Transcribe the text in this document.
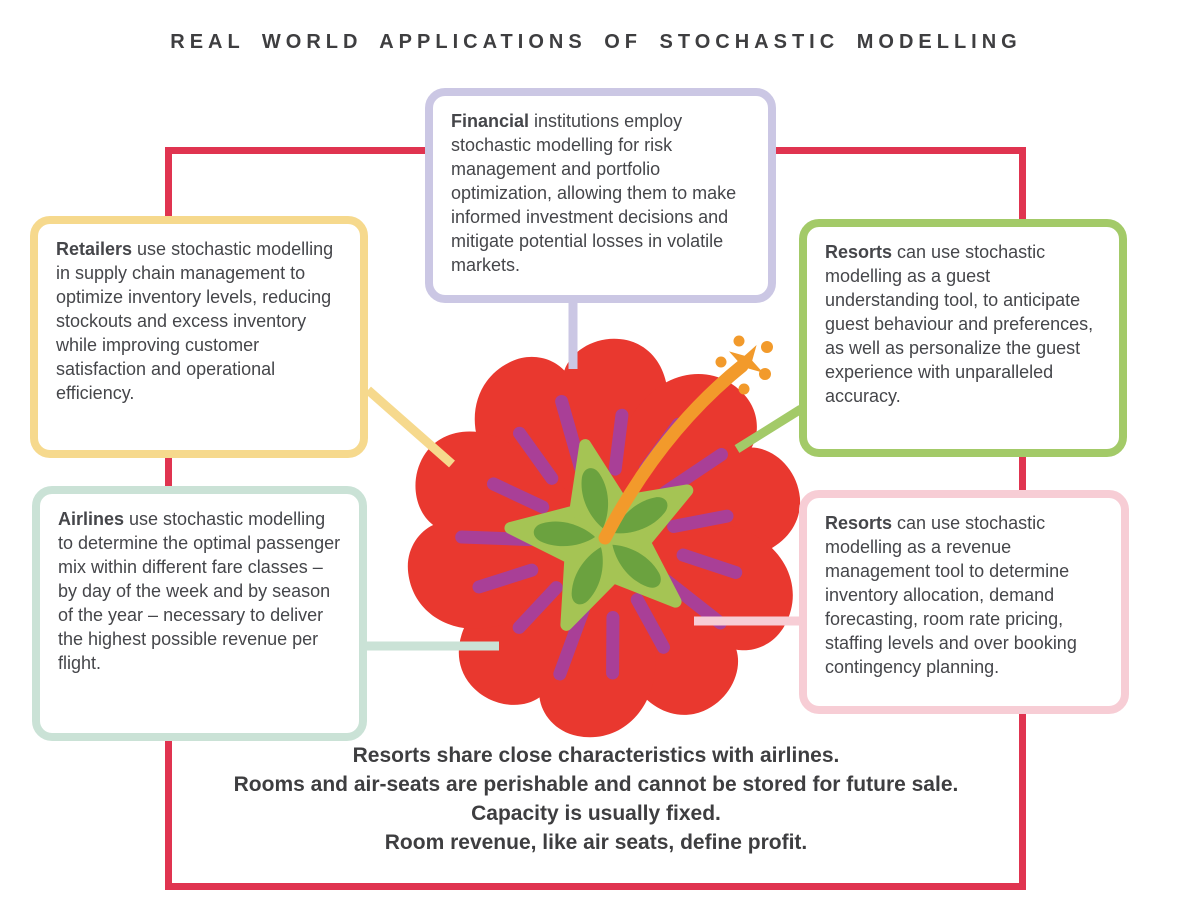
REAL WORLD APPLICATIONS OF STOCHASTIC MODELLING

Financial institutions employ stochastic modelling for risk management and portfolio optimization, allowing them to make informed investment decisions and mitigate potential losses in volatile markets.

Retailers use stochastic modelling in supply chain management to optimize inventory levels, reducing stockouts and excess inventory while improving customer satisfaction and operational efficiency.

Resorts can use stochastic modelling as a guest understanding tool, to anticipate guest behaviour and preferences, as well as personalize the guest experience with unparalleled accuracy.

Airlines use stochastic modelling to determine the optimal passenger mix within different fare classes – by day of the week and by season of the year – necessary to deliver the highest possible revenue per flight.

Resorts can use stochastic modelling as a revenue management tool to determine inventory allocation, demand forecasting, room rate pricing, staffing levels and over booking contingency planning.

Resorts share close characteristics with airlines.
Rooms and air-seats are perishable and cannot be stored for future sale.
Capacity is usually fixed.
Room revenue, like air seats, define profit.
